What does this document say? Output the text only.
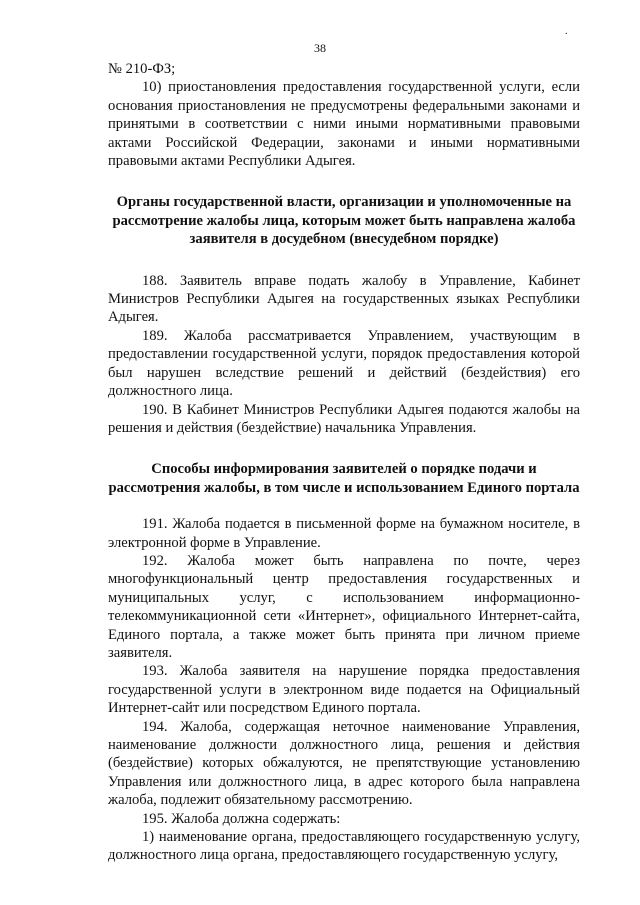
.
38

№ 210-ФЗ;

10) приостановления предоставления государственной услуги, если основания приостановления не предусмотрены федеральными законами и принятыми в соответствии с ними иными нормативными правовыми актами Российской Федерации, законами и иными нормативными правовыми актами Республики Адыгея.

Органы государственной власти, организации и уполномоченные на рассмотрение жалобы лица, которым может быть направлена жалоба заявителя в досудебном (внесудебном порядке)

188. Заявитель вправе подать жалобу в Управление, Кабинет Министров Республики Адыгея на государственных языках Республики Адыгея.

189. Жалоба рассматривается Управлением, участвующим в предоставлении государственной услуги, порядок предоставления которой был нарушен вследствие решений и действий (бездействия) его должностного лица.

190. В Кабинет Министров Республики Адыгея подаются жалобы на решения и действия (бездействие) начальника Управления.

Способы информирования заявителей о порядке подачи и рассмотрения жалобы, в том числе и использованием Единого портала

191. Жалоба подается в письменной форме на бумажном носителе, в электронной форме в Управление.

192. Жалоба может быть направлена по почте, через многофункциональный центр предоставления государственных и муниципальных услуг, с использованием информационно-телекоммуникационной сети «Интернет», официального Интернет-сайта, Единого портала, а также может быть принята при личном приеме заявителя.

193. Жалоба заявителя на нарушение порядка предоставления государственной услуги в электронном виде подается на Официальный Интернет-сайт или посредством Единого портала.

194. Жалоба, содержащая неточное наименование Управления, наименование должности должностного лица, решения и действия (бездействие) которых обжалуются, не препятствующие установлению Управления или должностного лица, в адрес которого была направлена жалоба, подлежит обязательному рассмотрению.

195. Жалоба должна содержать:

1) наименование органа, предоставляющего государственную услугу, должностного лица органа, предоставляющего государственную услугу,
